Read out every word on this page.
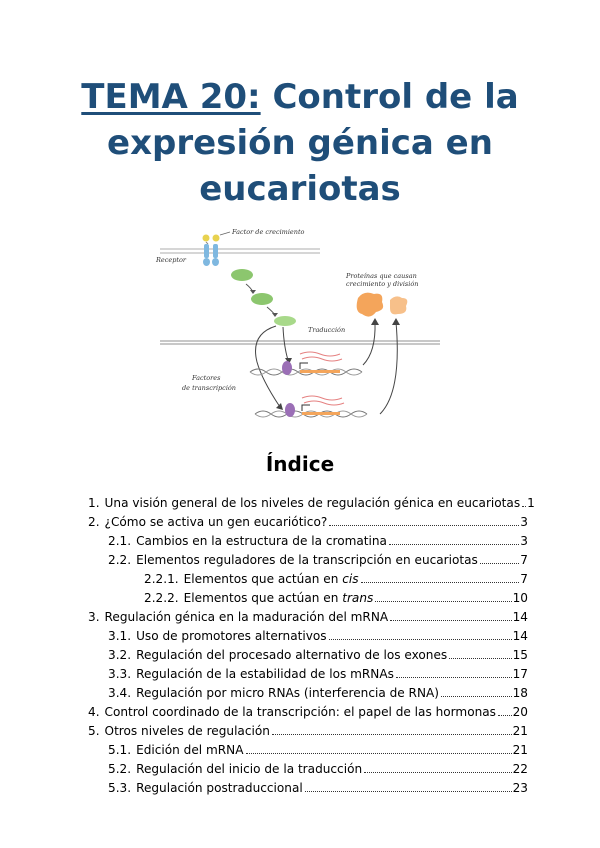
TEMA 20: Control de la
expresión génica en
eucariotas
Factor de crecimiento
Receptor
Proteínas que causan
crecimiento y división
Traducción
Factores
de transcripción
Índice
1. Una visión general de los niveles de regulación génica en eucariotas 1
2. ¿Cómo se activa un gen eucariótico?	3
2.1. Cambios en la estructura de la cromatina	3
2.2. Elementos reguladores de la transcripción en eucariotas	7
2.2.1. Elementos que actúan en cis	7
2.2.2. Elementos que actúan en trans	10
3. Regulación génica en la maduración del mRNA	14
3.1. Uso de promotores alternativos	14
3.2. Regulación del procesado alternativo de los exones	15
3.3. Regulación de la estabilidad de los mRNAs	17
3.4. Regulación por micro RNAs (interferencia de RNA)	18
4. Control coordinado de la transcripción: el papel de las hormonas 20
5. Otros niveles de regulación	21
5.1. Edición del mRNA	21
5.2. Regulación del inicio de la traducción	22
5.3. Regulación postraduccional	23
